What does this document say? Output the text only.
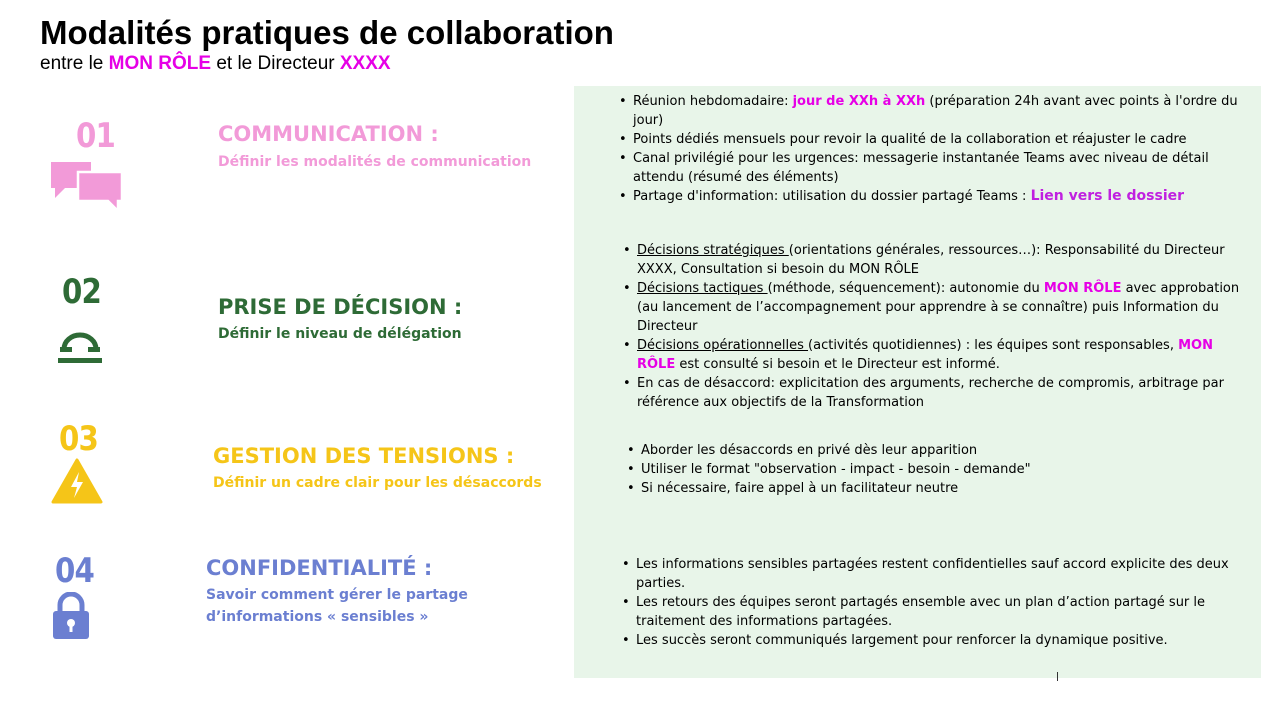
Modalités pratiques de collaboration
entre le MON RÔLE et le Directeur XXXX
01	COMMUNICATION :
Définir les modalités de communication
• Réunion hebdomadaire: jour de XXh à XXh (préparation 24h avant avec points à l'ordre du jour)
• Points dédiés mensuels pour revoir la qualité de la collaboration et réajuster le cadre
• Canal privilégié pour les urgences: messagerie instantanée Teams avec niveau de détail attendu (résumé des éléments)
• Partage d'information: utilisation du dossier partagé Teams : Lien vers le dossier
02	PRISE DE DÉCISION :
Définir le niveau de délégation
• Décisions stratégiques (orientations générales, ressources…): Responsabilité du Directeur XXXX, Consultation si besoin du MON RÔLE
• Décisions tactiques (méthode, séquencement): autonomie du MON RÔLE avec approbation (au lancement de l’accompagnement pour apprendre à se connaître) puis Information du Directeur
• Décisions opérationnelles (activités quotidiennes) : les équipes sont responsables, MON RÔLE est consulté si besoin et le Directeur est informé.
• En cas de désaccord: explicitation des arguments, recherche de compromis, arbitrage par référence aux objectifs de la Transformation
03	GESTION DES TENSIONS :
Définir un cadre clair pour les désaccords
• Aborder les désaccords en privé dès leur apparition
• Utiliser le format "observation - impact - besoin - demande"
• Si nécessaire, faire appel à un facilitateur neutre
04	CONFIDENTIALITÉ :
Savoir comment gérer le partage
d’informations « sensibles »
• Les informations sensibles partagées restent confidentielles sauf accord explicite des deux parties.
• Les retours des équipes seront partagés ensemble avec un plan d’action partagé sur le traitement des informations partagées.
• Les succès seront communiqués largement pour renforcer la dynamique positive.
